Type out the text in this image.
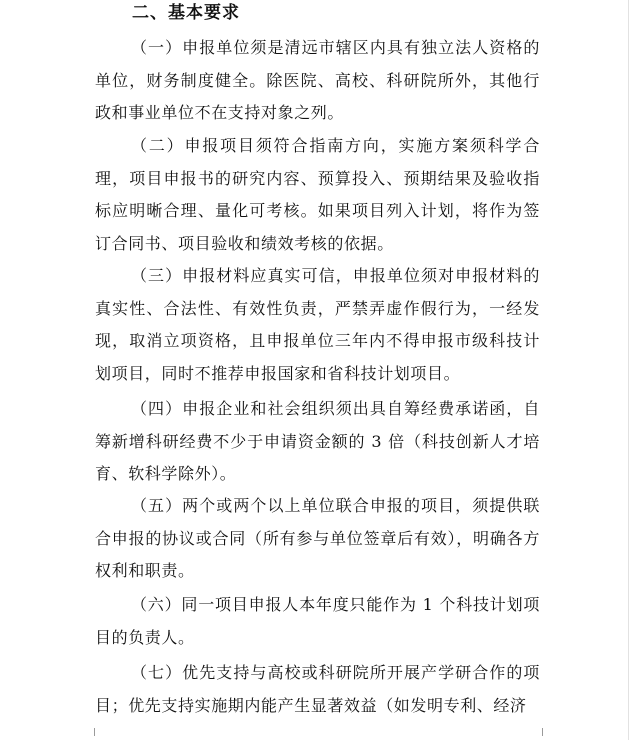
二、基本要求

（一）申报单位须是清远市辖区内具有独立法人资格的单位，财务制度健全。除医院、高校、科研院所外，其他行政和事业单位不在支持对象之列。

（二）申报项目须符合指南方向，实施方案须科学合理，项目申报书的研究内容、预算投入、预期结果及验收指标应明晰合理、量化可考核。如果项目列入计划，将作为签订合同书、项目验收和绩效考核的依据。

（三）申报材料应真实可信，申报单位须对申报材料的真实性、合法性、有效性负责，严禁弄虚作假行为，一经发现，取消立项资格，且申报单位三年内不得申报市级科技计划项目，同时不推荐申报国家和省科技计划项目。

（四）申报企业和社会组织须出具自筹经费承诺函，自筹新增科研经费不少于申请资金额的 3 倍（科技创新人才培育、软科学除外）。

（五）两个或两个以上单位联合申报的项目，须提供联合申报的协议或合同（所有参与单位签章后有效），明确各方权利和职责。

（六）同一项目申报人本年度只能作为 1 个科技计划项目的负责人。

（七）优先支持与高校或科研院所开展产学研合作的项目；优先支持实施期内能产生显著效益（如发明专利、经济
